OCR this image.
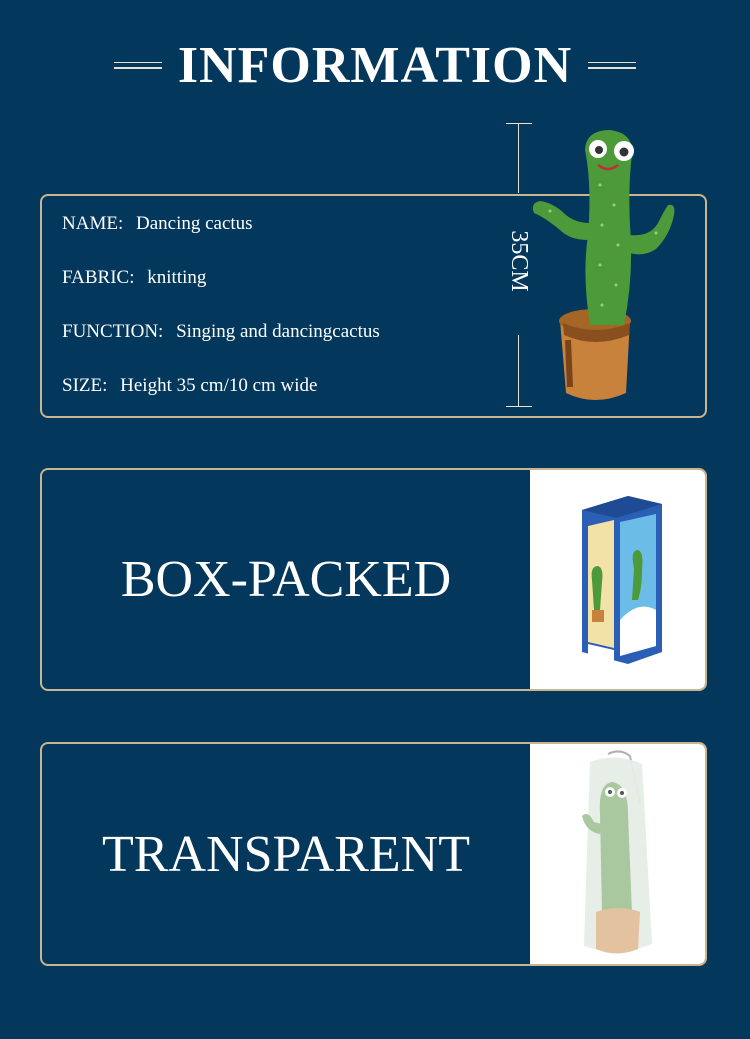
INFORMATION
NAME: Dancing cactus
FABRIC: knitting
FUNCTION: Singing and dancingcactus
SIZE: Height 35 cm/10 cm wide
35CM
BOX-PACKED
TRANSPARENT
